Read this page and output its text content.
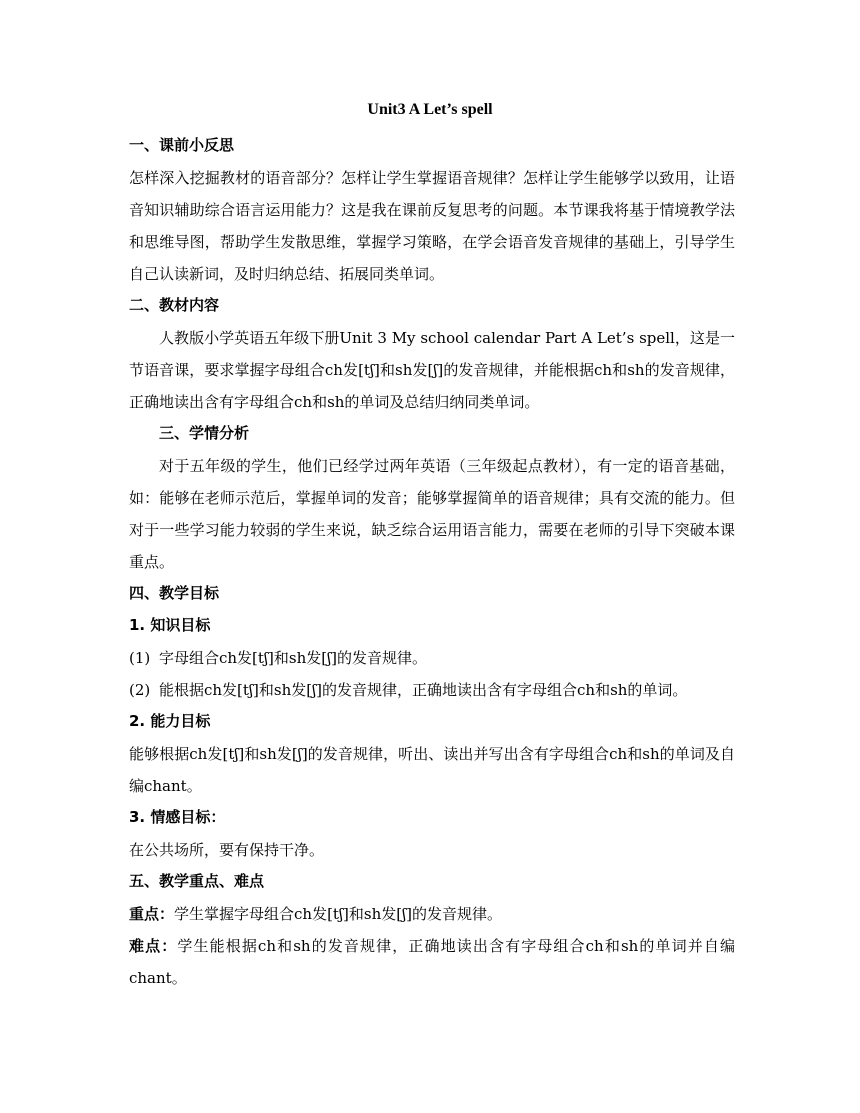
Unit3 A Let’s spell
一、课前小反思
怎样深入挖掘教材的语音部分？怎样让学生掌握语音规律？怎样让学生能够学以致用，让语音知识辅助综合语言运用能力？这是我在课前反复思考的问题。本节课我将基于情境教学法和思维导图，帮助学生发散思维，掌握学习策略，在学会语音发音规律的基础上，引导学生自己认读新词，及时归纳总结、拓展同类单词。
二、教材内容
人教版小学英语五年级下册Unit 3 My school calendar Part A Let’s spell，这是一节语音课，要求掌握字母组合ch发[tʃ]和sh发[ʃ]的发音规律，并能根据ch和sh的发音规律，正确地读出含有字母组合ch和sh的单词及总结归纳同类单词。
三、学情分析
对于五年级的学生，他们已经学过两年英语（三年级起点教材），有一定的语音基础，如：能够在老师示范后，掌握单词的发音；能够掌握简单的语音规律；具有交流的能力。但对于一些学习能力较弱的学生来说，缺乏综合运用语言能力，需要在老师的引导下突破本课重点。
四、教学目标
1. 知识目标
(1) 字母组合ch发[tʃ]和sh发[ʃ]的发音规律。
(2) 能根据ch发[tʃ]和sh发[ʃ]的发音规律，正确地读出含有字母组合ch和sh的单词。
2. 能力目标
能够根据ch发[tʃ]和sh发[ʃ]的发音规律，听出、读出并写出含有字母组合ch和sh的单词及自编chant。
3. 情感目标：
在公共场所，要有保持干净。
五、教学重点、难点
重点：学生掌握字母组合ch发[tʃ]和sh发[ʃ]的发音规律。
难点：学生能根据ch和sh的发音规律，正确地读出含有字母组合ch和sh的单词并自编chant。
